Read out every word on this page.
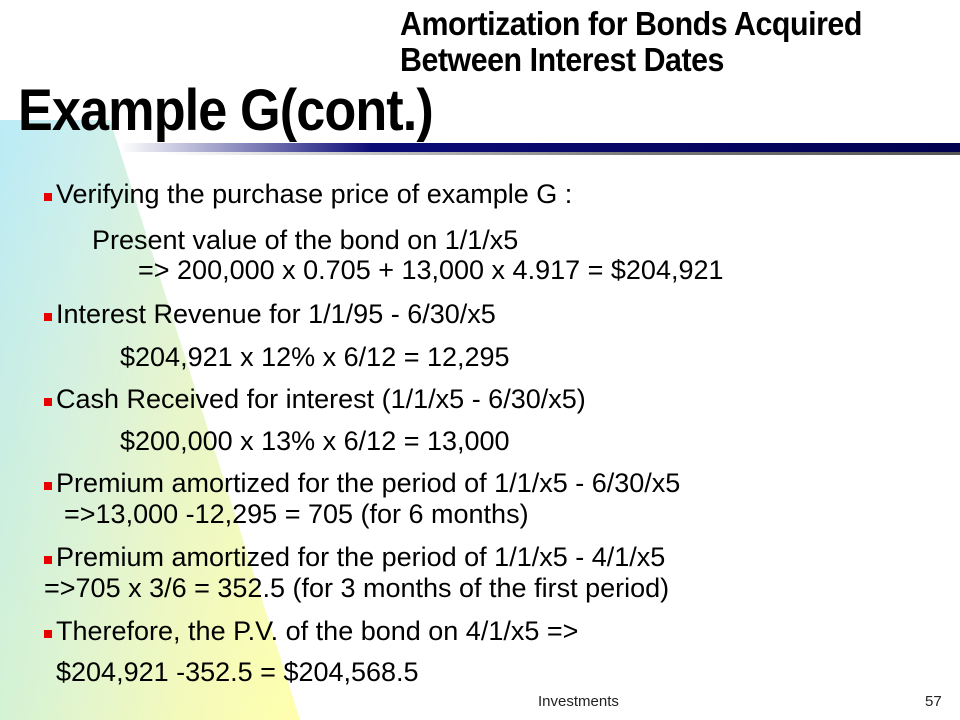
Amortization for Bonds Acquired
Between Interest Dates
Example G(cont.)
Verifying the purchase price of example G :
Present value of the bond on 1/1/x5
=> 200,000 x 0.705 + 13,000 x 4.917 = $204,921
Interest Revenue for 1/1/95 - 6/30/x5
$204,921 x 12% x 6/12 = 12,295
Cash Received for interest (1/1/x5 - 6/30/x5)
$200,000 x 13% x 6/12 = 13,000
Premium amortized for the period of 1/1/x5 - 6/30/x5
=>13,000 -12,295 = 705 (for 6 months)
Premium amortized for the period of 1/1/x5 - 4/1/x5
=>705 x 3/6 = 352.5 (for 3 months of the first period)
Therefore, the P.V. of the bond on 4/1/x5 =>
$204,921 -352.5 = $204,568.5
Investments	57
